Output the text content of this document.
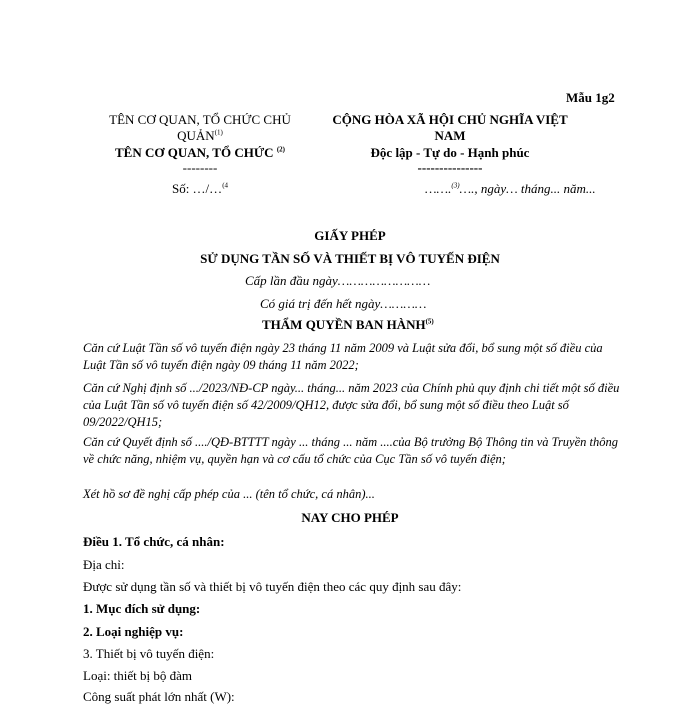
Mẫu 1g2
TÊN CƠ QUAN, TỔ CHỨC CHỦ
QUẢN$^{(1)}$
TÊN CƠ QUAN, TỔ CHỨC $^{(2)}$
--------
Số: …/…$^{(4}$
CỘNG HÒA XÃ HỘI CHỦ NGHĨA VIỆT
NAM
Độc lập - Tự do - Hạnh phúc
---------------
…….$^{(3)}$…., ngày… tháng... năm...
GIẤY PHÉP
SỬ DỤNG TẦN SỐ VÀ THIẾT BỊ VÔ TUYẾN ĐIỆN
Cấp lần đầu ngày……………………
Có giá trị đến hết ngày…………
THẨM QUYỀN BAN HÀNH$^{(5)}$
Căn cứ Luật Tần số vô tuyến điện ngày 23 tháng 11 năm 2009 và Luật sửa đổi, bổ sung một số điều của Luật Tần số vô tuyến điện ngày 09 tháng 11 năm 2022;
Căn cứ Nghị định số .../2023/NĐ-CP ngày... tháng... năm 2023 của Chính phủ quy định chi tiết một số điều của Luật Tần số vô tuyến điện số 42/2009/QH12, được sửa đổi, bổ sung một số điều theo Luật số 09/2022/QH15;
Căn cứ Quyết định số ..../QĐ-BTTTT ngày ... tháng ... năm ....của Bộ trưởng Bộ Thông tin và Truyền thông về chức năng, nhiệm vụ, quyền hạn và cơ cấu tổ chức của Cục Tần số vô tuyến điện;
Xét hồ sơ đề nghị cấp phép của ... (tên tổ chức, cá nhân)...
NAY CHO PHÉP
Điều 1. Tổ chức, cá nhân:
Địa chỉ:
Được sử dụng tần số và thiết bị vô tuyến điện theo các quy định sau đây:
1. Mục đích sử dụng:
2. Loại nghiệp vụ:
3. Thiết bị vô tuyến điện:
Loại: thiết bị bộ đàm
Công suất phát lớn nhất (W):
